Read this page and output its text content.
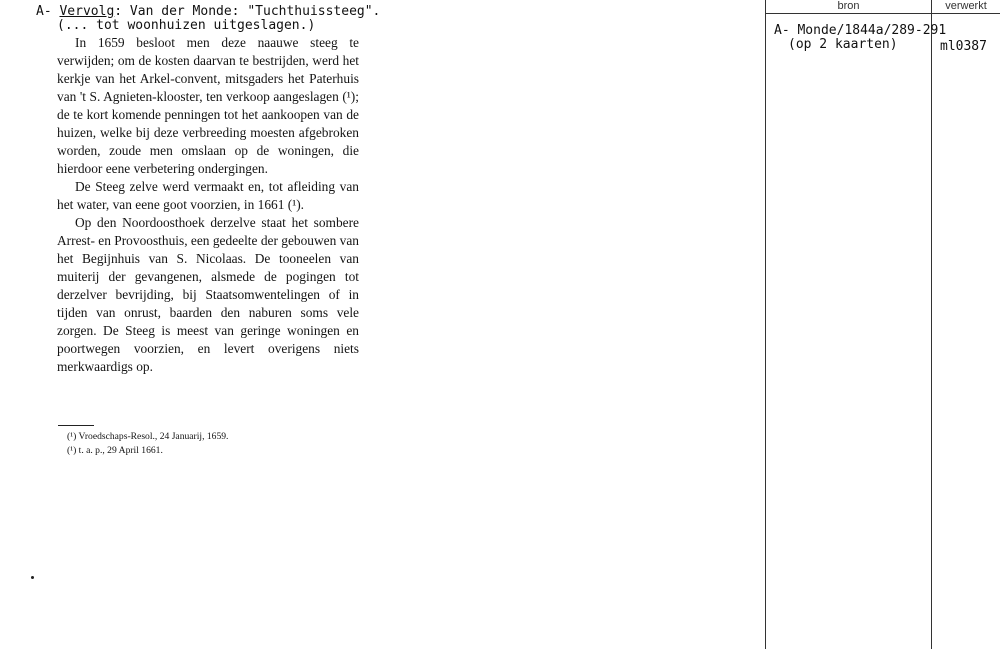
A- Vervolg: Van der Monde: "Tuchthuissteeg".
(... tot woonhuizen uitgeslagen.)

In 1659 besloot men deze naauwe steeg te verwijden; om de kosten daarvan te bestrijden, werd het kerkje van het Arkel-convent, mitsgaders het Paterhuis van 't S. Agnieten-klooster, ten verkoop aangeslagen (¹); de te kort komende penningen tot het aankoopen van de huizen, welke bij deze verbreeding moesten afgebroken worden, zoude men omslaan op de woningen, die hierdoor eene verbetering ondergingen.

De Steeg zelve werd vermaakt en, tot afleiding van het water, van eene goot voorzien, in 1661 (¹).

Op den Noordoosthoek derzelve staat het sombere Arrest- en Provoosthuis, een gedeelte der gebouwen van het Begijnhuis van S. Nicolaas. De tooneelen van muiterij der gevangenen, alsmede de pogingen tot derzelver bevrijding, bij Staatsomwentelingen of in tijden van onrust, baarden den naburen soms vele zorgen. De Steeg is meest van geringe woningen en poortwegen voorzien, en levert overigens niets merkwaardigs op.

(¹) Vroedschaps-Resol., 24 Januarij, 1659.
(¹) t. a. p., 29 April 1661.
bron	verwerkt
A- Monde/1844a/289-291
(op 2 kaarten)	ml0387
